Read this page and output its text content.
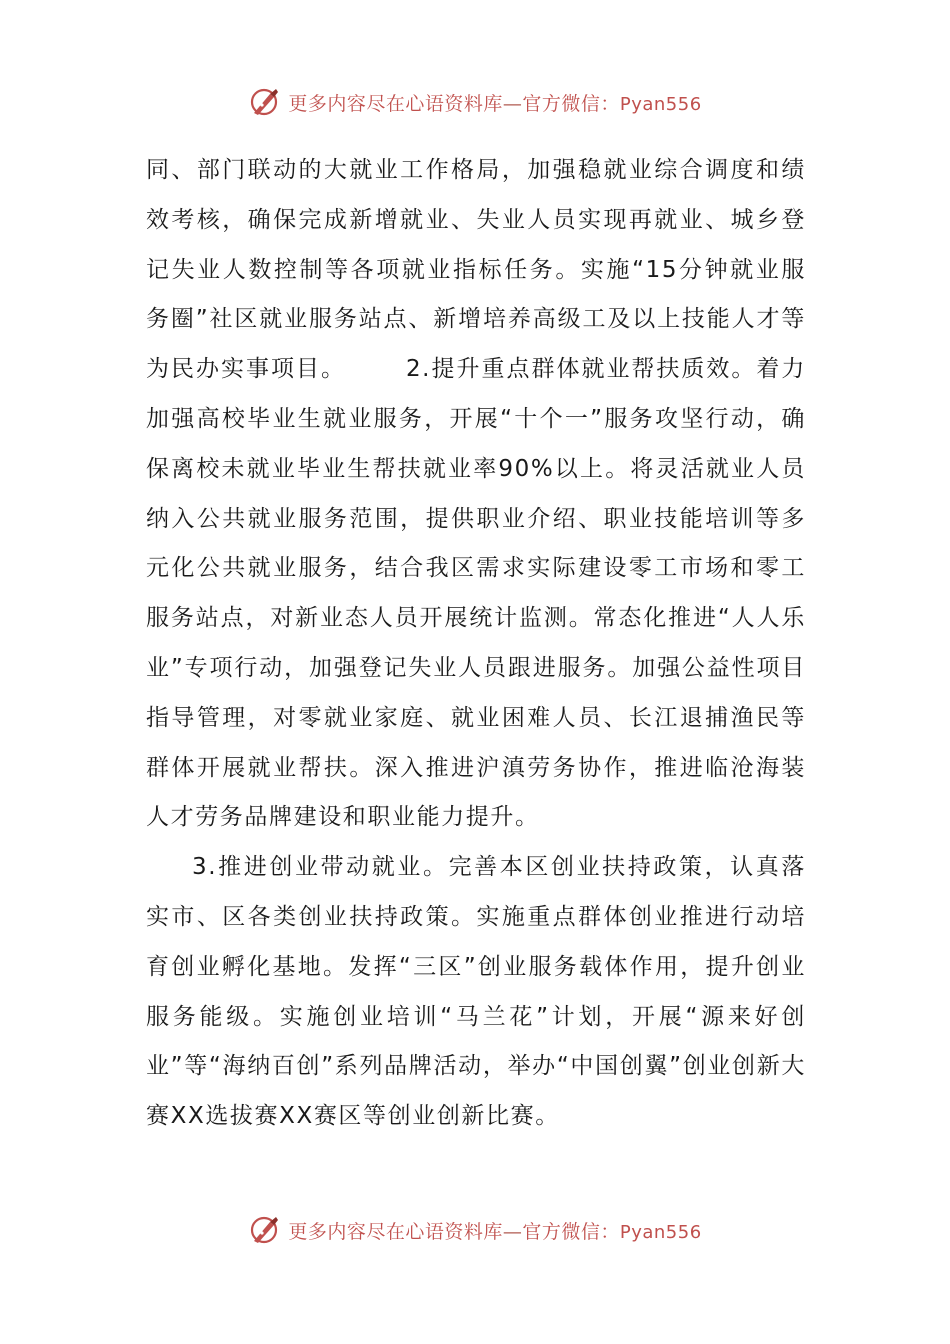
更多内容尽在心语资料库—官方微信：Pyan556

同、部门联动的大就业工作格局，加强稳就业综合调度和绩效考核，确保完成新增就业、失业人员实现再就业、城乡登记失业人数控制等各项就业指标任务。实施“15分钟就业服务圈”社区就业服务站点、新增培养高级工及以上技能人才等为民办实事项目。	2.提升重点群体就业帮扶质效。着力加强高校毕业生就业服务，开展“十个一”服务攻坚行动，确保离校未就业毕业生帮扶就业率90%以上。将灵活就业人员纳入公共就业服务范围，提供职业介绍、职业技能培训等多元化公共就业服务，结合我区需求实际建设零工市场和零工服务站点，对新业态人员开展统计监测。常态化推进“人人乐业”专项行动，加强登记失业人员跟进服务。加强公益性项目指导管理，对零就业家庭、就业困难人员、长江退捕渔民等群体开展就业帮扶。深入推进沪滇劳务协作，推进临沧海装人才劳务品牌建设和职业能力提升。

3.推进创业带动就业。完善本区创业扶持政策，认真落实市、区各类创业扶持政策。实施重点群体创业推进行动培育创业孵化基地。发挥“三区”创业服务载体作用，提升创业服务能级。实施创业培训“马兰花”计划，开展“源来好创业”等“海纳百创”系列品牌活动，举办“中国创翼”创业创新大赛XX选拔赛XX赛区等创业创新比赛。

更多内容尽在心语资料库—官方微信：Pyan556
